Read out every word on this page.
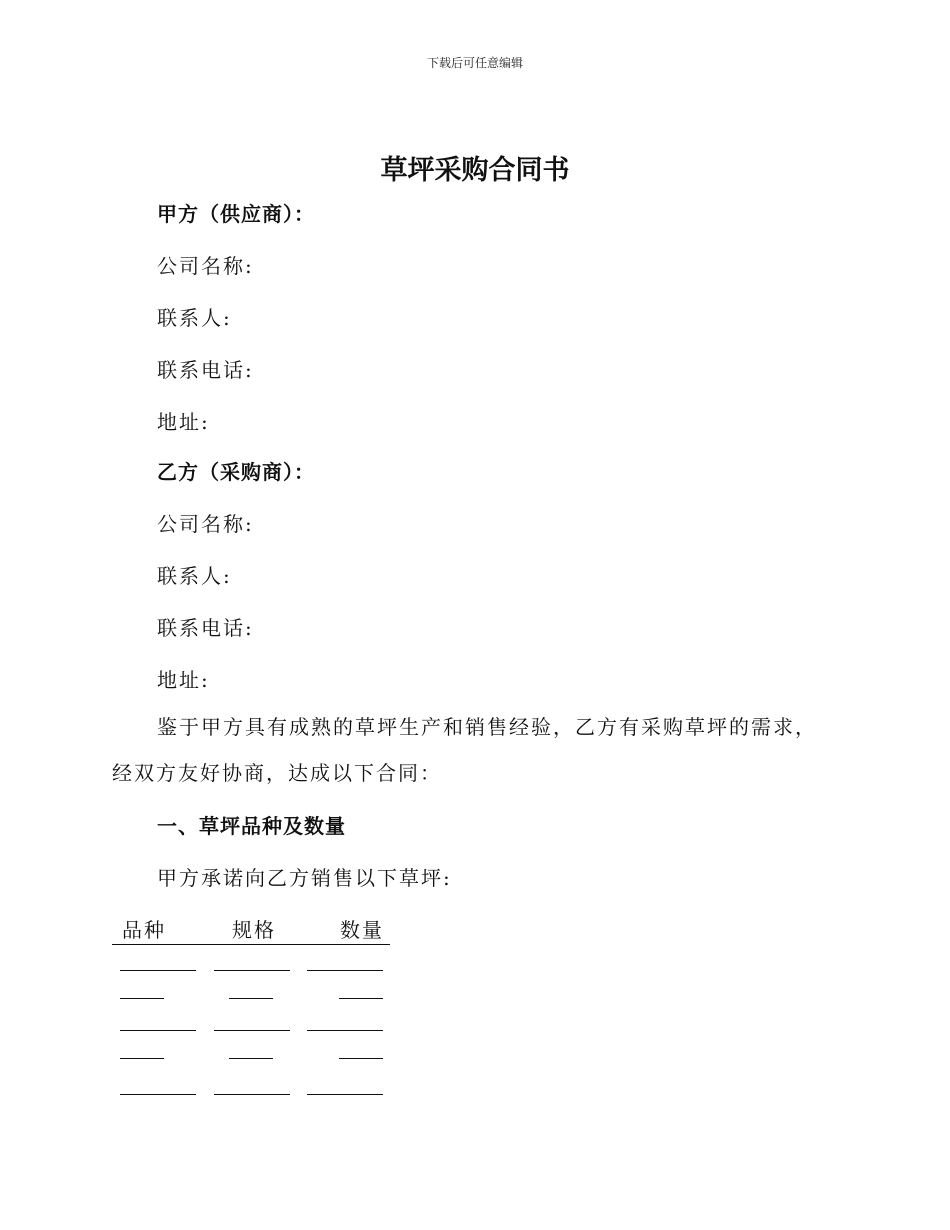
下载后可任意编辑
草坪采购合同书
甲方（供应商）：
公司名称:
联系人:
联系电话:
地址:
乙方（采购商）：
公司名称:
联系人:
联系电话:
地址:
鉴于甲方具有成熟的草坪生产和销售经验，乙方有采购草坪的需求，经双方友好协商，达成以下合同：
一、草坪品种及数量
甲方承诺向乙方销售以下草坪:
品种	规格	数量
